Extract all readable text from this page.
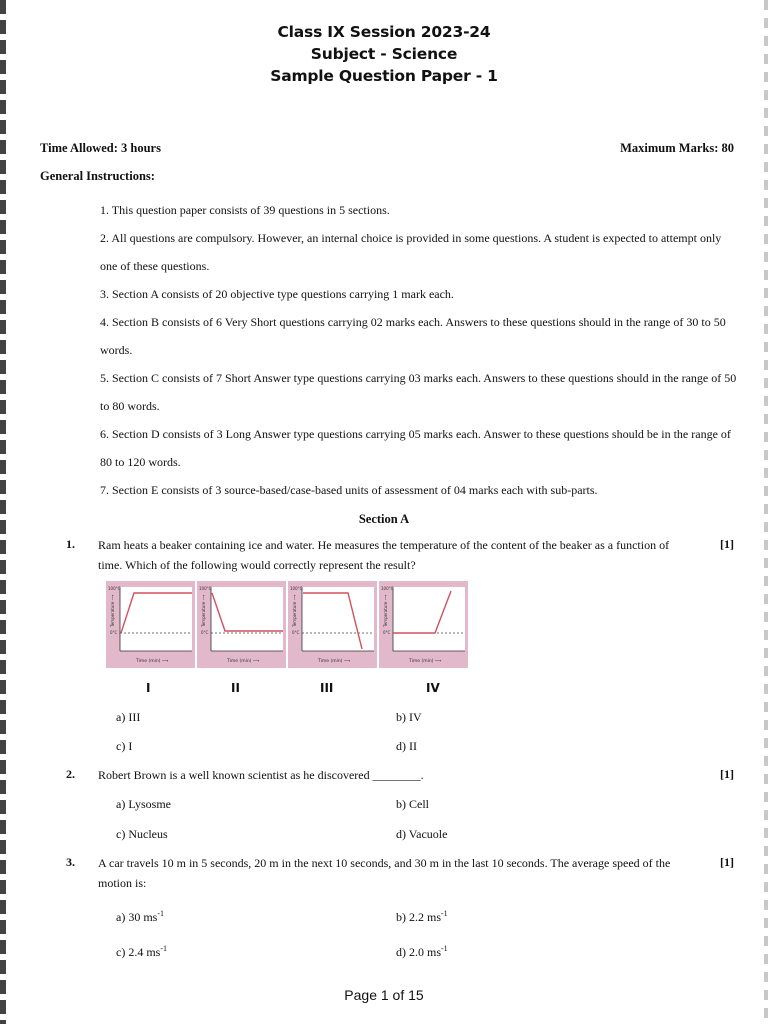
Class IX Session 2023-24
Subject - Science
Sample Question Paper - 1
Time Allowed: 3 hours	Maximum Marks: 80
General Instructions:

1. This question paper consists of 39 questions in 5 sections.

2. All questions are compulsory. However, an internal choice is provided in some questions. A student is expected to attempt only one of these questions.

3. Section A consists of 20 objective type questions carrying 1 mark each.

4. Section B consists of 6 Very Short questions carrying 02 marks each. Answers to these questions should in the range of 30 to 50 words.

5. Section C consists of 7 Short Answer type questions carrying 03 marks each. Answers to these questions should in the range of 50 to 80 words.

6. Section D consists of 3 Long Answer type questions carrying 05 marks each. Answer to these questions should be in the range of 80 to 120 words.

7. Section E consists of 3 source-based/case-based units of assessment of 04 marks each with sub-parts.

Section A
1. Ram heats a beaker containing ice and water. He measures the temperature of the content of the beaker as a function of time. Which of the following would correctly represent the result?
[1]
100°C
0°C
Time (min) ⟶
Temperature ⟶
100°C
0°C
Time (min) ⟶
Temperature ⟶
100°C
0°C
Time (min) ⟶
Temperature ⟶
100°C
0°C
Time (min) ⟶
Temperature ⟶
I	II	III	IV
a) III	b) IV
c) I	d) II
2. Robert Brown is a well known scientist as he discovered ________.	[1]
a) Lysosme	b) Cell
c) Nucleus	d) Vacuole
3. A car travels 10 m in 5 seconds, 20 m in the next 10 seconds, and 30 m in the last 10 seconds. The average speed of the motion is:
[1]
a) 30 $ms^{-1}$	b) 2.2 $ms^{-1}$
c) 2.4 $ms^{-1}$	d) 2.0 $ms^{-1}$
Page 1 of 15
